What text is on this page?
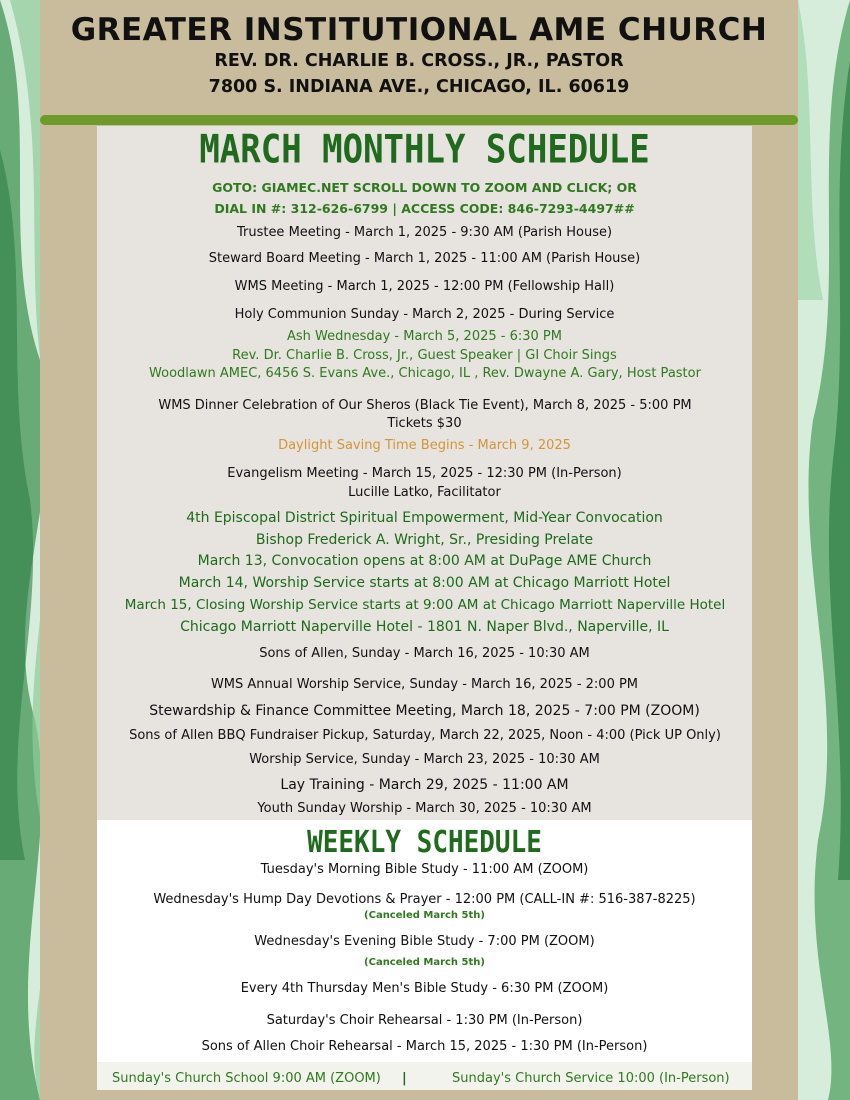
GREATER INSTITUTIONAL AME CHURCH
REV. DR. CHARLIE B. CROSS., JR., PASTOR
7800 S. INDIANA AVE., CHICAGO, IL. 60619
MARCH MONTHLY SCHEDULE
GOTO: GIAMEC.NET SCROLL DOWN TO ZOOM AND CLICK; OR
DIAL IN #: 312-626-6799 | ACCESS CODE: 846-7293-4497##
Trustee Meeting - March 1, 2025 - 9:30 AM (Parish House)
Steward Board Meeting - March 1, 2025 - 11:00 AM (Parish House)
WMS Meeting - March 1, 2025 - 12:00 PM (Fellowship Hall)
Holy Communion Sunday - March 2, 2025 - During Service
Ash Wednesday - March 5, 2025 - 6:30 PM
Rev. Dr. Charlie B. Cross, Jr., Guest Speaker | GI Choir Sings
Woodlawn AMEC, 6456 S. Evans Ave., Chicago, IL , Rev. Dwayne A. Gary, Host Pastor
WMS Dinner Celebration of Our Sheros (Black Tie Event), March 8, 2025 - 5:00 PM
Tickets $30
Daylight Saving Time Begins - March 9, 2025
Evangelism Meeting - March 15, 2025 - 12:30 PM (In-Person)
Lucille Latko, Facilitator
4th Episcopal District Spiritual Empowerment, Mid-Year Convocation
Bishop Frederick A. Wright, Sr., Presiding Prelate
March 13, Convocation opens at 8:00 AM at DuPage AME Church
March 14, Worship Service starts at 8:00 AM at Chicago Marriott Hotel
March 15, Closing Worship Service starts at 9:00 AM at Chicago Marriott Naperville Hotel
Chicago Marriott Naperville Hotel - 1801 N. Naper Blvd., Naperville, IL
Sons of Allen, Sunday - March 16, 2025 - 10:30 AM
WMS Annual Worship Service, Sunday - March 16, 2025 - 2:00 PM
Stewardship & Finance Committee Meeting, March 18, 2025 - 7:00 PM (ZOOM)
Sons of Allen BBQ Fundraiser Pickup, Saturday, March 22, 2025, Noon - 4:00 (Pick UP Only)
Worship Service, Sunday - March 23, 2025 - 10:30 AM
Lay Training - March 29, 2025 - 11:00 AM
Youth Sunday Worship - March 30, 2025 - 10:30 AM
WEEKLY SCHEDULE
Tuesday's Morning Bible Study - 11:00 AM (ZOOM)
Wednesday's Hump Day Devotions & Prayer - 12:00 PM (CALL-IN #: 516-387-8225)
(Canceled March 5th)
Wednesday's Evening Bible Study - 7:00 PM (ZOOM)
(Canceled March 5th)
Every 4th Thursday Men's Bible Study - 6:30 PM (ZOOM)
Saturday's Choir Rehearsal - 1:30 PM (In-Person)
Sons of Allen Choir Rehearsal - March 15, 2025 - 1:30 PM (In-Person)
Sunday's Church School 9:00 AM (ZOOM) |	Sunday's Church Service 10:00 (In-Person)
